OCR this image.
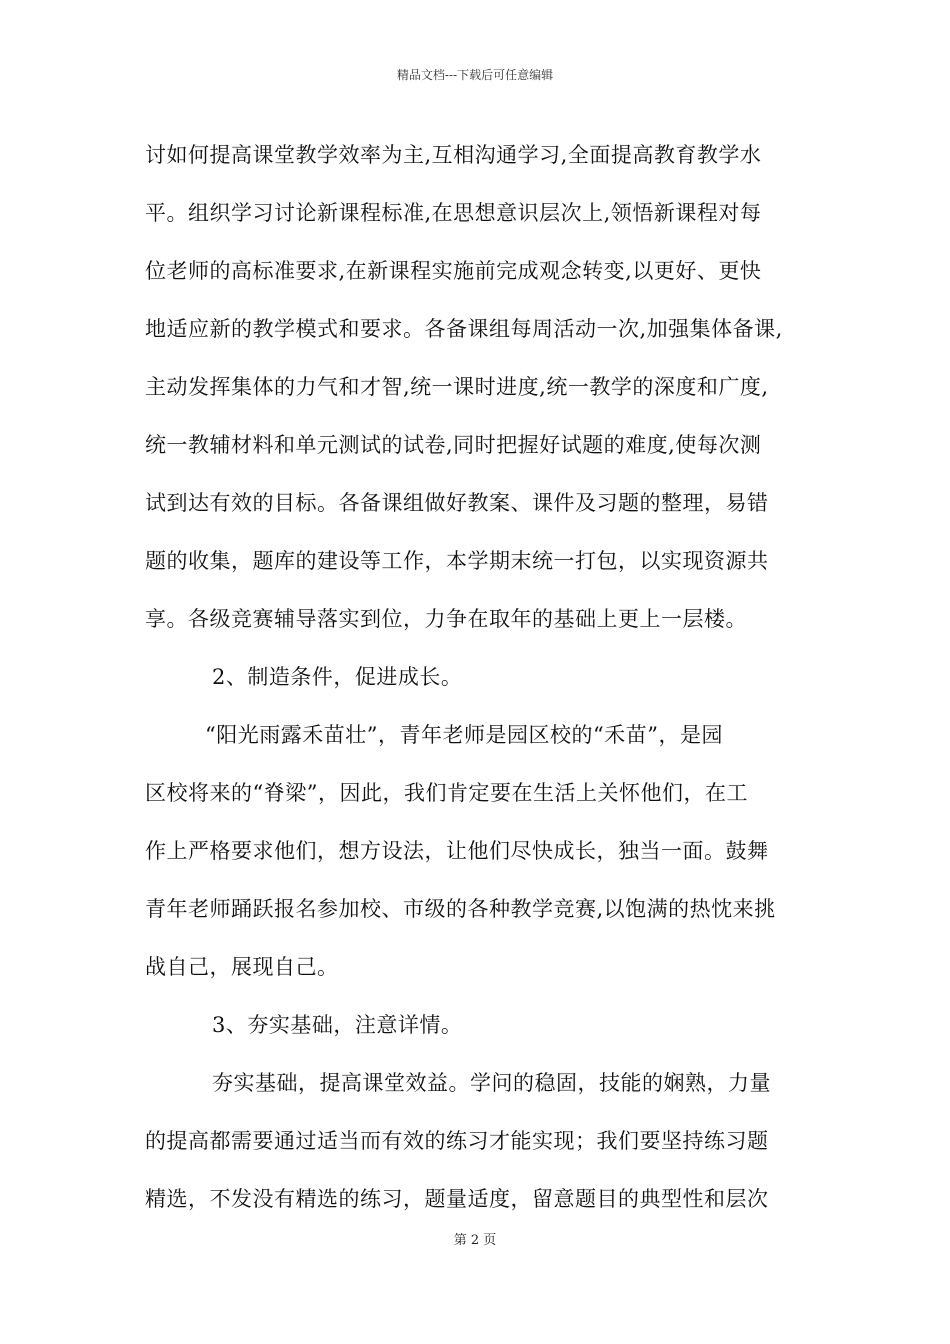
精品文档---下载后可任意编辑
讨如何提高课堂教学效率为主,互相沟通学习,全面提高教育教学水
平。组织学习讨论新课程标准,在思想意识层次上,领悟新课程对每
位老师的高标准要求,在新课程实施前完成观念转变,以更好、更快
地适应新的教学模式和要求。各备课组每周活动一次,加强集体备课,
主动发挥集体的力气和才智,统一课时进度,统一教学的深度和广度,
统一教辅材料和单元测试的试卷,同时把握好试题的难度,使每次测
试到达有效的目标。各备课组做好教案、课件及习题的整理，易错
题的收集，题库的建设等工作，本学期末统一打包，以实现资源共
享。各级竞赛辅导落实到位，力争在取年的基础上更上一层楼。
2、制造条件，促进成长。
“阳光雨露禾苗壮”，青年老师是园区校的“禾苗”，是园
区校将来的“脊梁”，因此，我们肯定要在生活上关怀他们，在工
作上严格要求他们，想方设法，让他们尽快成长，独当一面。鼓舞
青年老师踊跃报名参加校、市级的各种教学竞赛,以饱满的热忱来挑
战自己，展现自己。
3、夯实基础，注意详情。
夯实基础，提高课堂效益。学问的稳固，技能的娴熟，力量
的提高都需要通过适当而有效的练习才能实现；我们要坚持练习题
精选，不发没有精选的练习，题量适度，留意题目的典型性和层次
第 2 页
